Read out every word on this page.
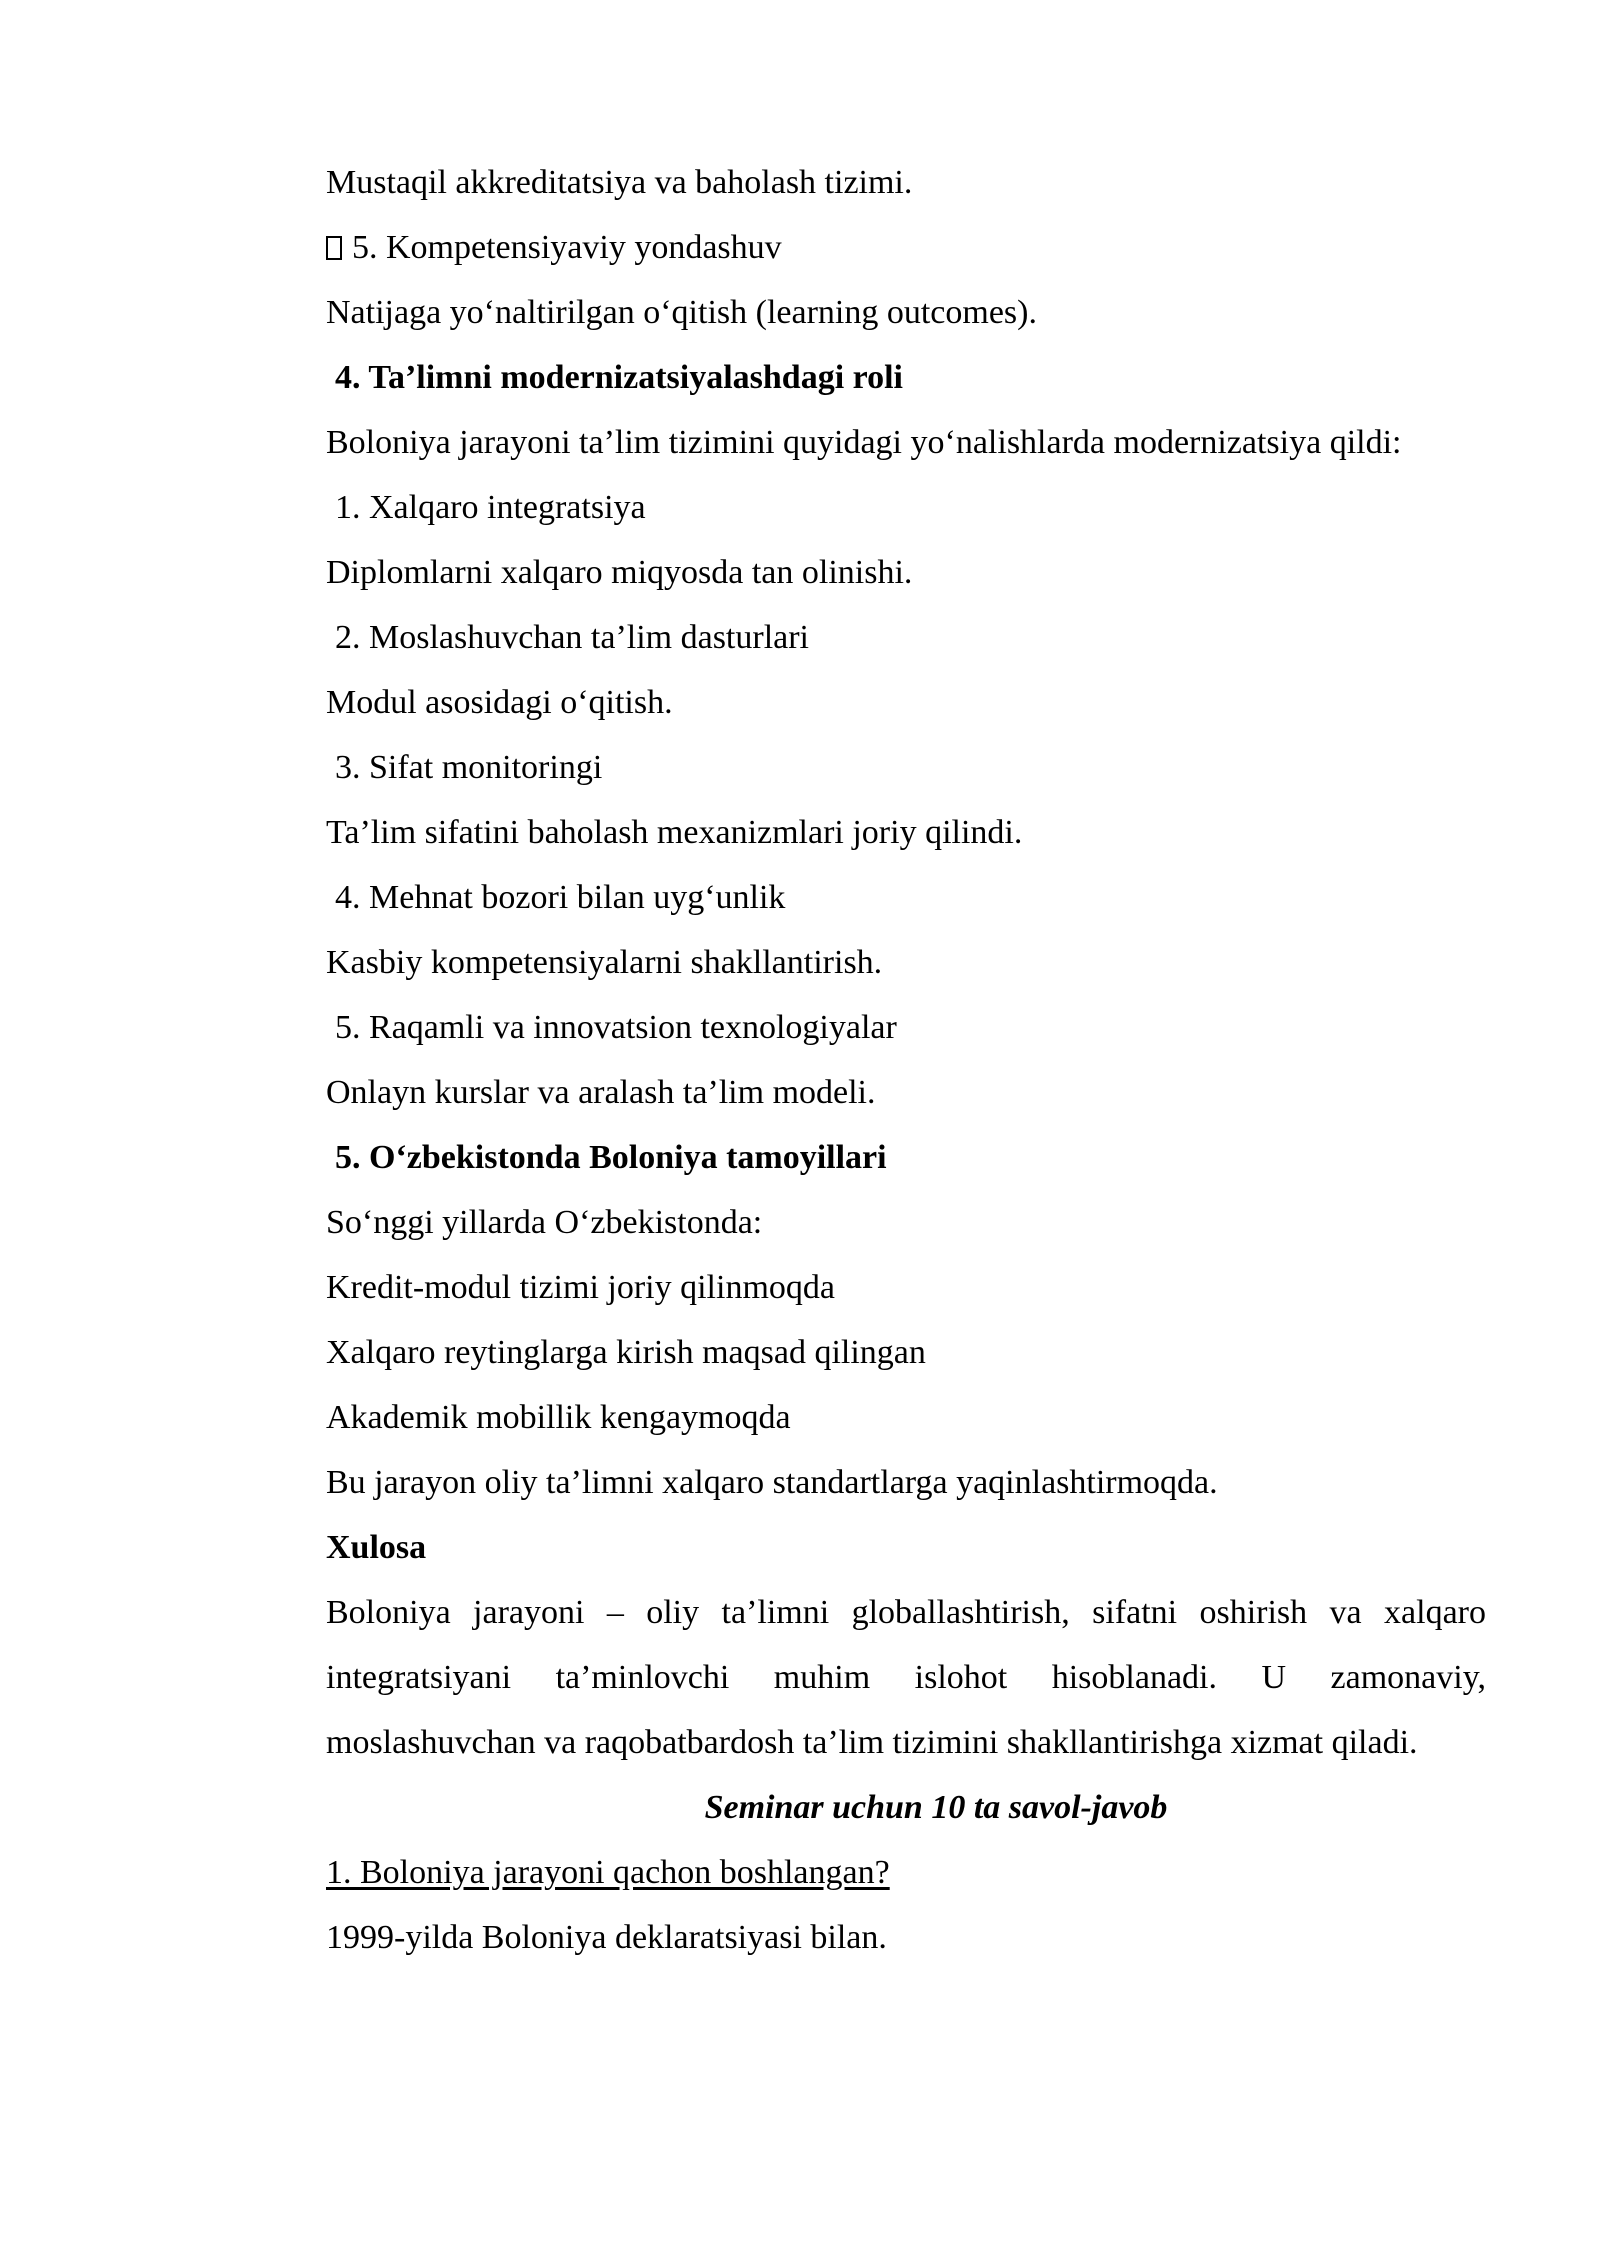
Mustaqil akkreditatsiya va baholash tizimi.

5. Kompetensiyaviy yondashuv

Natijaga yo‘naltirilgan o‘qitish (learning outcomes).

4. Ta’limni modernizatsiyalashdagi roli

Boloniya jarayoni ta’lim tizimini quyidagi yo‘nalishlarda modernizatsiya qildi:

1. Xalqaro integratsiya

Diplomlarni xalqaro miqyosda tan olinishi.

2. Moslashuvchan ta’lim dasturlari

Modul asosidagi o‘qitish.

3. Sifat monitoringi

Ta’lim sifatini baholash mexanizmlari joriy qilindi.

4. Mehnat bozori bilan uyg‘unlik

Kasbiy kompetensiyalarni shakllantirish.

5. Raqamli va innovatsion texnologiyalar

Onlayn kurslar va aralash ta’lim modeli.

5. O‘zbekistonda Boloniya tamoyillari

So‘nggi yillarda O‘zbekistonda:

Kredit-modul tizimi joriy qilinmoqda

Xalqaro reytinglarga kirish maqsad qilingan

Akademik mobillik kengaymoqda

Bu jarayon oliy ta’limni xalqaro standartlarga yaqinlashtirmoqda.

Xulosa

Boloniya jarayoni – oliy ta’limni globallashtirish, sifatni oshirish va xalqaro integratsiyani ta’minlovchi muhim islohot hisoblanadi. U zamonaviy, moslashuvchan va raqobatbardosh ta’lim tizimini shakllantirishga xizmat qiladi.

Seminar uchun 10 ta savol-javob

1. Boloniya jarayoni qachon boshlangan?

1999-yilda Boloniya deklaratsiyasi bilan.
